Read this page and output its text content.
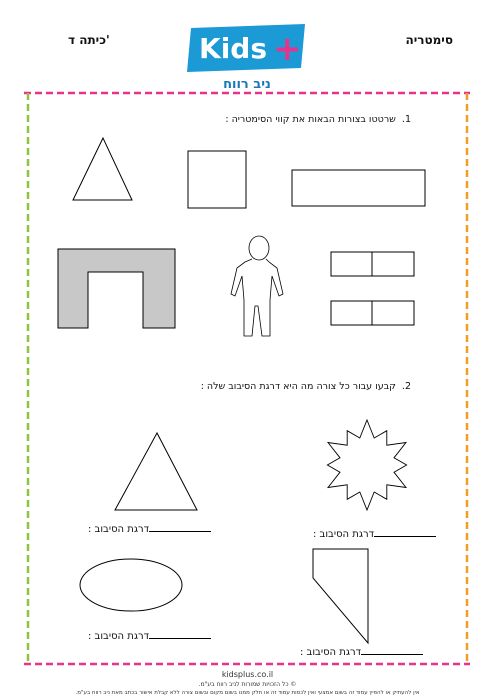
סימטריה
כיתה ד'	Kids +
ניב רווח
1.שרטטו בצורות הבאות את קווי הסימטריה :
2.קבעו עבור כל צורה מה היא דרגת הסיבוב שלה :
דרגת הסיבוב :	דרגת הסיבוב :
דרגת הסיבוב :
דרגת הסיבוב :
kidsplus.co.il
© כל הזכויות שמורות לניב רווח בע"מ.
אין להעתיק או להפיץ עמוד זה בשום אמצעי ואין לכסות עמוד זה או חלק ממנו בשום מקום ובשום צורה ללא קבלת אישור בכתב מאת ניב רווח בע"מ.
